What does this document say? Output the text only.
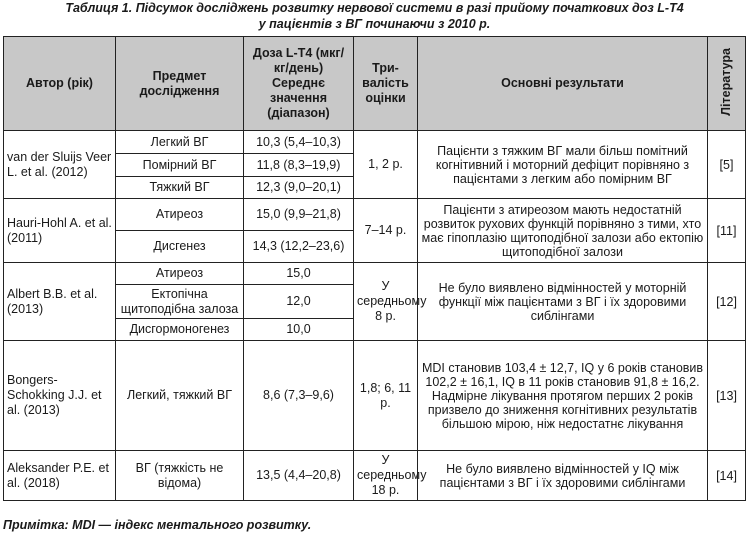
Таблиця 1. Підсумок досліджень розвитку нервової системи в разі прийому початкових доз L-T4
у пацієнтів з ВГ починаючи з 2010 р.
Автор (рік)	Предмет дослідження	Доза L-T4 (мкг/кг/день) Середнє значення (діапазон)	Три-валість оцінки	Основні результати	Література
van der Sluijs Veer L. et al. (2012)	Легкий ВГ	10,3 (5,4–10,3)	1, 2 р.	Пацієнти з тяжким ВГ мали більш помітний когнітивний і моторний дефіцит порівняно з пацієнтами з легким або помірним ВГ	[5]
	Помірний ВГ	11,8 (8,3–19,9)			
	Тяжкий ВГ	12,3 (9,0–20,1)			
Hauri-Hohl A. et al. (2011)	Атиреоз	15,0 (9,9–21,8)	7–14 р.	Пацієнти з атиреозом мають недостатній розвиток рухових функцій порівняно з тими, хто має гіпоплазію щитоподібної залози або ектопію щитоподібної залози	[11]
	Дисгенез	14,3 (12,2–23,6)			
Albert B.B. et al. (2013)	Атиреоз	15,0	У середньому 8 р.	Не було виявлено відмінностей у моторній функції між пацієнтами з ВГ і їх здоровими сиблінгами	[12]
	Ектопічна щитоподібна залоза	12,0			
	Дисгормоногенез	10,0			
Bongers-Schokking J.J. et al. (2013)	Легкий, тяжкий ВГ	8,6 (7,3–9,6)	1,8; 6, 11 р.	MDI становив 103,4 ± 12,7, IQ у 6 років становив 102,2 ± 16,1, IQ в 11 років становив 91,8 ± 16,2. Надмірне лікування протягом перших 2 років призвело до зниження когнітивних результатів більшою мірою, ніж недостатнє лікування	[13]
Aleksander P.E. et al. (2018)	ВГ (тяжкість не відома)	13,5 (4,4–20,8)	У середньому 18 р.	Не було виявлено відмінностей у IQ між пацієнтами з ВГ і їх здоровими сиблінгами	[14]
Примітка: MDI — індекс ментального розвитку.
